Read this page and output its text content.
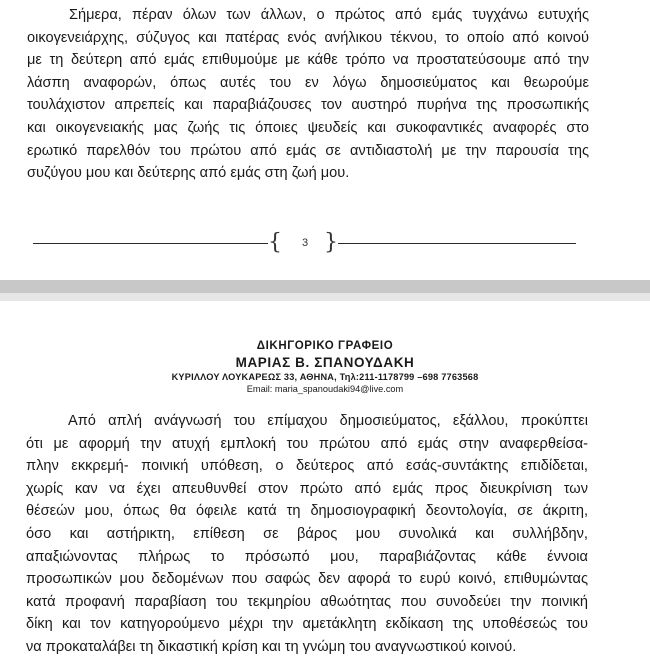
Σήμερα, πέραν όλων των άλλων, ο πρώτος από εμάς τυγχάνω ευτυχής
οικογενειάρχης, σύζυγος και πατέρας ενός ανήλικου τέκνου, το οποίο από κοινού
με τη δεύτερη από εμάς επιθυμούμε με κάθε τρόπο να προστατεύσουμε από την
λάσπη αναφορών, όπως αυτές του εν λόγω δημοσιεύματος και θεωρούμε
τουλάχιστον απρεπείς και παραβιάζουσες τον αυστηρό πυρήνα της προσωπικής
και οικογενειακής μας ζωής τις όποιες ψευδείς και συκοφαντικές αναφορές στο
ερωτικό παρελθόν του πρώτου από εμάς σε αντιδιαστολή με την παρουσία της
συζύγου μου και δεύτερης από εμάς στη ζωή μου.
{	3 }
Από απλή ανάγνωσή του επίμαχου δημοσιεύματος, εξάλλου, προκύπτει
ότι με αφορμή την ατυχή εμπλοκή του πρώτου από εμάς στην αναφερθείσα-
πλην εκκρεμή- ποινική υπόθεση, ο δεύτερος από εσάς-συντάκτης επιδίδεται,
χωρίς καν να έχει απευθυνθεί στον πρώτο από εμάς προς διευκρίνιση των
θέσεών μου, όπως θα όφειλε κατά τη δημοσιογραφική δεοντολογία, σε άκριτη,
όσο και αστήρικτη, επίθεση σε βάρος μου συνολικά και συλλήβδην,
απαξιώνοντας πλήρως το πρόσωπό μου, παραβιάζοντας κάθε έννοια
προσωπικών μου δεδομένων που σαφώς δεν αφορά το ευρύ κοινό, επιθυμώντας
κατά προφανή παραβίαση του τεκμηρίου αθωότητας που συνοδεύει την ποινική
δίκη και τον κατηγορούμενο μέχρι την αμετάκλητη εκδίκαση της υποθέσεώς του
να προκαταλάβει τη δικαστική κρίση και τη γνώμη του αναγνωστικού κοινού.
ΔΙΚΗΓΟΡΙΚΟ ΓΡΑΦΕΙΟ
ΜΑΡΙΑΣ Β. ΣΠΑΝΟΥΔΑΚΗ
ΚΥΡΙΛΛΟΥ ΛΟΥΚΑΡΕΩΣ 33, ΑΘΗΝΑ, Τηλ:211-1178799 –698 7763568
Email: maria_spanoudaki94@live.com
